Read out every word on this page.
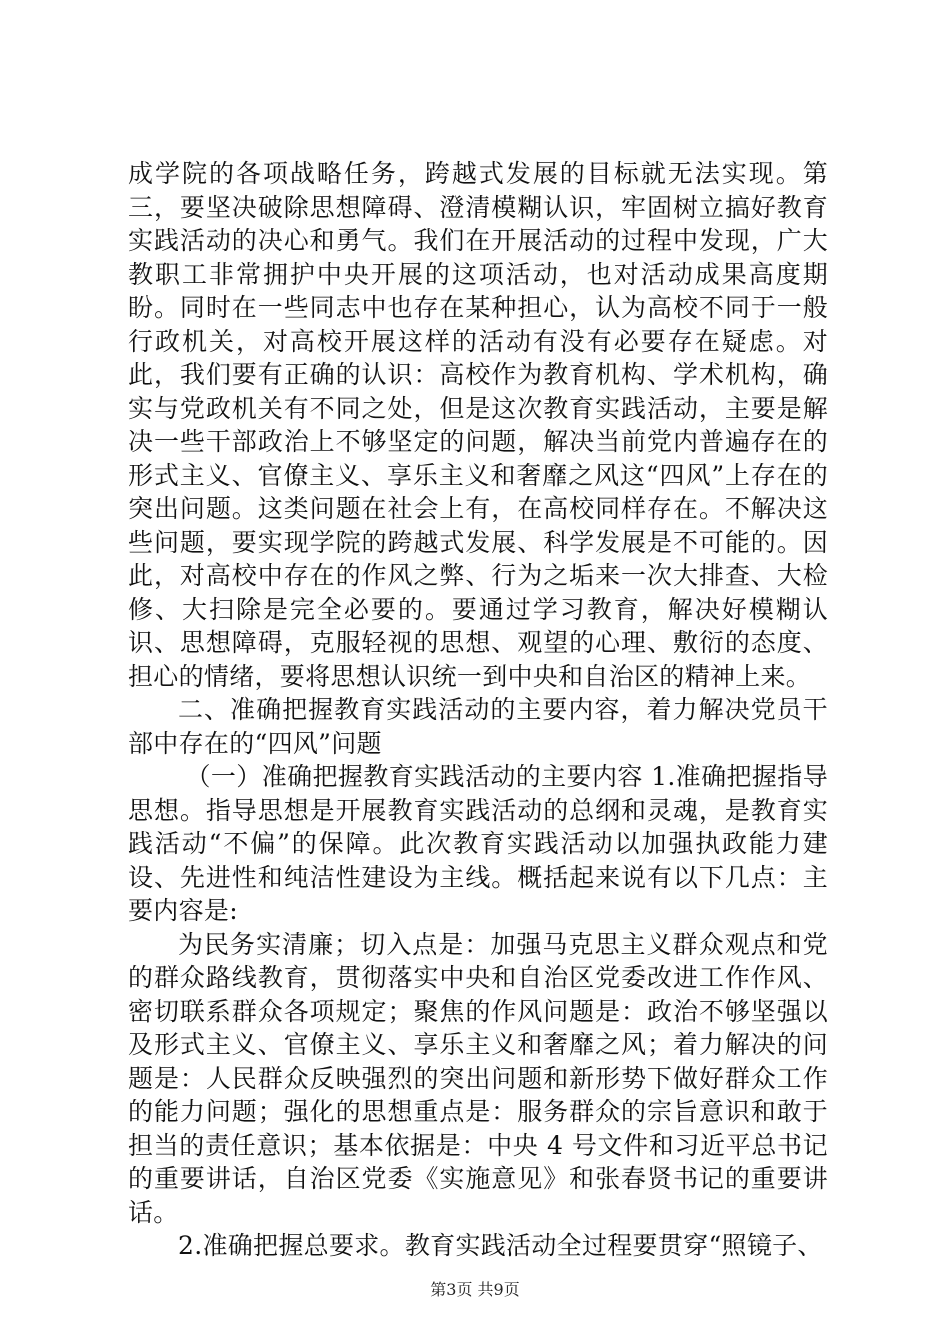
成学院的各项战略任务，跨越式发展的目标就无法实现。第三，要坚决破除思想障碍、澄清模糊认识，牢固树立搞好教育实践活动的决心和勇气。我们在开展活动的过程中发现，广大教职工非常拥护中央开展的这项活动，也对活动成果高度期盼。同时在一些同志中也存在某种担心，认为高校不同于一般行政机关，对高校开展这样的活动有没有必要存在疑虑。对此，我们要有正确的认识：高校作为教育机构、学术机构，确实与党政机关有不同之处，但是这次教育实践活动，主要是解决一些干部政治上不够坚定的问题，解决当前党内普遍存在的形式主义、官僚主义、享乐主义和奢靡之风这“四风”上存在的突出问题。这类问题在社会上有，在高校同样存在。不解决这些问题，要实现学院的跨越式发展、科学发展是不可能的。因此，对高校中存在的作风之弊、行为之垢来一次大排查、大检修、大扫除是完全必要的。要通过学习教育，解决好模糊认识、思想障碍，克服轻视的思想、观望的心理、敷衍的态度、担心的情绪，要将思想认识统一到中央和自治区的精神上来。

二、准确把握教育实践活动的主要内容，着力解决党员干部中存在的“四风”问题

（一）准确把握教育实践活动的主要内容 1.准确把握指导思想。指导思想是开展教育实践活动的总纲和灵魂，是教育实践活动“不偏”的保障。此次教育实践活动以加强执政能力建设、先进性和纯洁性建设为主线。概括起来说有以下几点：主要内容是:

为民务实清廉；切入点是：加强马克思主义群众观点和党的群众路线教育，贯彻落实中央和自治区党委改进工作作风、密切联系群众各项规定；聚焦的作风问题是：政治不够坚强以及形式主义、官僚主义、享乐主义和奢靡之风；着力解决的问题是：人民群众反映强烈的突出问题和新形势下做好群众工作的能力问题；强化的思想重点是：服务群众的宗旨意识和敢于担当的责任意识；基本依据是：中央 4 号文件和习近平总书记的重要讲话，自治区党委《实施意见》和张春贤书记的重要讲话。

2.准确把握总要求。教育实践活动全过程要贯穿“照镜子、

第3页 共9页
